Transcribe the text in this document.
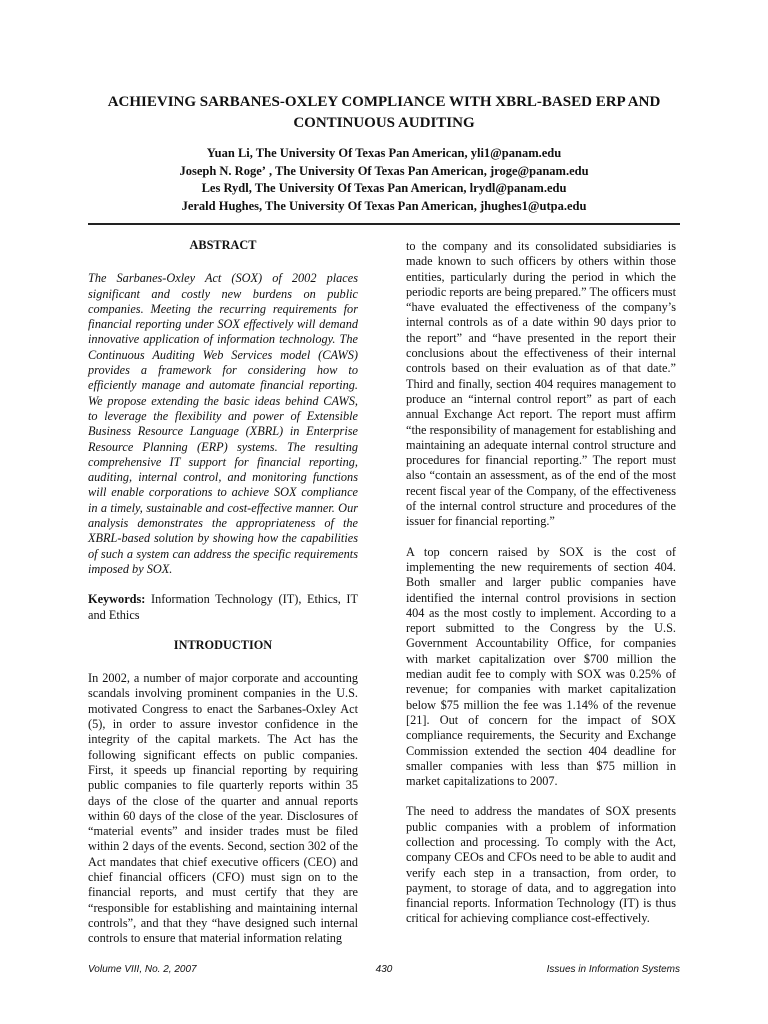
ACHIEVING SARBANES-OXLEY COMPLIANCE WITH XBRL-BASED ERP AND CONTINUOUS AUDITING
Yuan Li, The University Of Texas Pan American, yli1@panam.edu
Joseph N. Rogeʼ , The University Of Texas Pan American, jroge@panam.edu
Les Rydl, The University Of Texas Pan American, lrydl@panam.edu
Jerald Hughes, The University Of Texas Pan American, jhughes1@utpa.edu
ABSTRACT

The Sarbanes-Oxley Act (SOX) of 2002 places significant and costly new burdens on public companies. Meeting the recurring requirements for financial reporting under SOX effectively will demand innovative application of information technology. The Continuous Auditing Web Services model (CAWS) provides a framework for considering how to efficiently manage and automate financial reporting. We propose extending the basic ideas behind CAWS, to leverage the flexibility and power of Extensible Business Resource Language (XBRL) in Enterprise Resource Planning (ERP) systems. The resulting comprehensive IT support for financial reporting, auditing, internal control, and monitoring functions will enable corporations to achieve SOX compliance in a timely, sustainable and cost-effective manner. Our analysis demonstrates the appropriateness of the XBRL-based solution by showing how the capabilities of such a system can address the specific requirements imposed by SOX.

Keywords: Information Technology (IT), Ethics, IT and Ethics

INTRODUCTION

In 2002, a number of major corporate and accounting scandals involving prominent companies in the U.S. motivated Congress to enact the Sarbanes-Oxley Act (5), in order to assure investor confidence in the integrity of the capital markets. The Act has the following significant effects on public companies. First, it speeds up financial reporting by requiring public companies to file quarterly reports within 35 days of the close of the quarter and annual reports within 60 days of the close of the year. Disclosures of “material events” and insider trades must be filed within 2 days of the events. Second, section 302 of the Act mandates that chief executive officers (CEO) and chief financial officers (CFO) must sign on to the financial reports, and must certify that they are “responsible for establishing and maintaining internal controls”, and that they “have designed such internal controls to ensure that material information relating

to the company and its consolidated subsidiaries is made known to such officers by others within those entities, particularly during the period in which the periodic reports are being prepared.” The officers must “have evaluated the effectiveness of the company’s internal controls as of a date within 90 days prior to the report” and “have presented in the report their conclusions about the effectiveness of their internal controls based on their evaluation as of that date.” Third and finally, section 404 requires management to produce an “internal control report” as part of each annual Exchange Act report. The report must affirm “the responsibility of management for establishing and maintaining an adequate internal control structure and procedures for financial reporting.” The report must also “contain an assessment, as of the end of the most recent fiscal year of the Company, of the effectiveness of the internal control structure and procedures of the issuer for financial reporting.”

A top concern raised by SOX is the cost of implementing the new requirements of section 404. Both smaller and larger public companies have identified the internal control provisions in section 404 as the most costly to implement. According to a report submitted to the Congress by the U.S. Government Accountability Office, for companies with market capitalization over $700 million the median audit fee to comply with SOX was 0.25% of revenue; for companies with market capitalization below $75 million the fee was 1.14% of the revenue [21]. Out of concern for the impact of SOX compliance requirements, the Security and Exchange Commission extended the section 404 deadline for smaller companies with less than $75 million in market capitalizations to 2007.

The need to address the mandates of SOX presents public companies with a problem of information collection and processing. To comply with the Act, company CEOs and CFOs need to be able to audit and verify each step in a transaction, from order, to payment, to storage of data, and to aggregation into financial reports. Information Technology (IT) is thus critical for achieving compliance cost-effectively.

430
Volume VIII, No. 2, 2007	Issues in Information Systems
